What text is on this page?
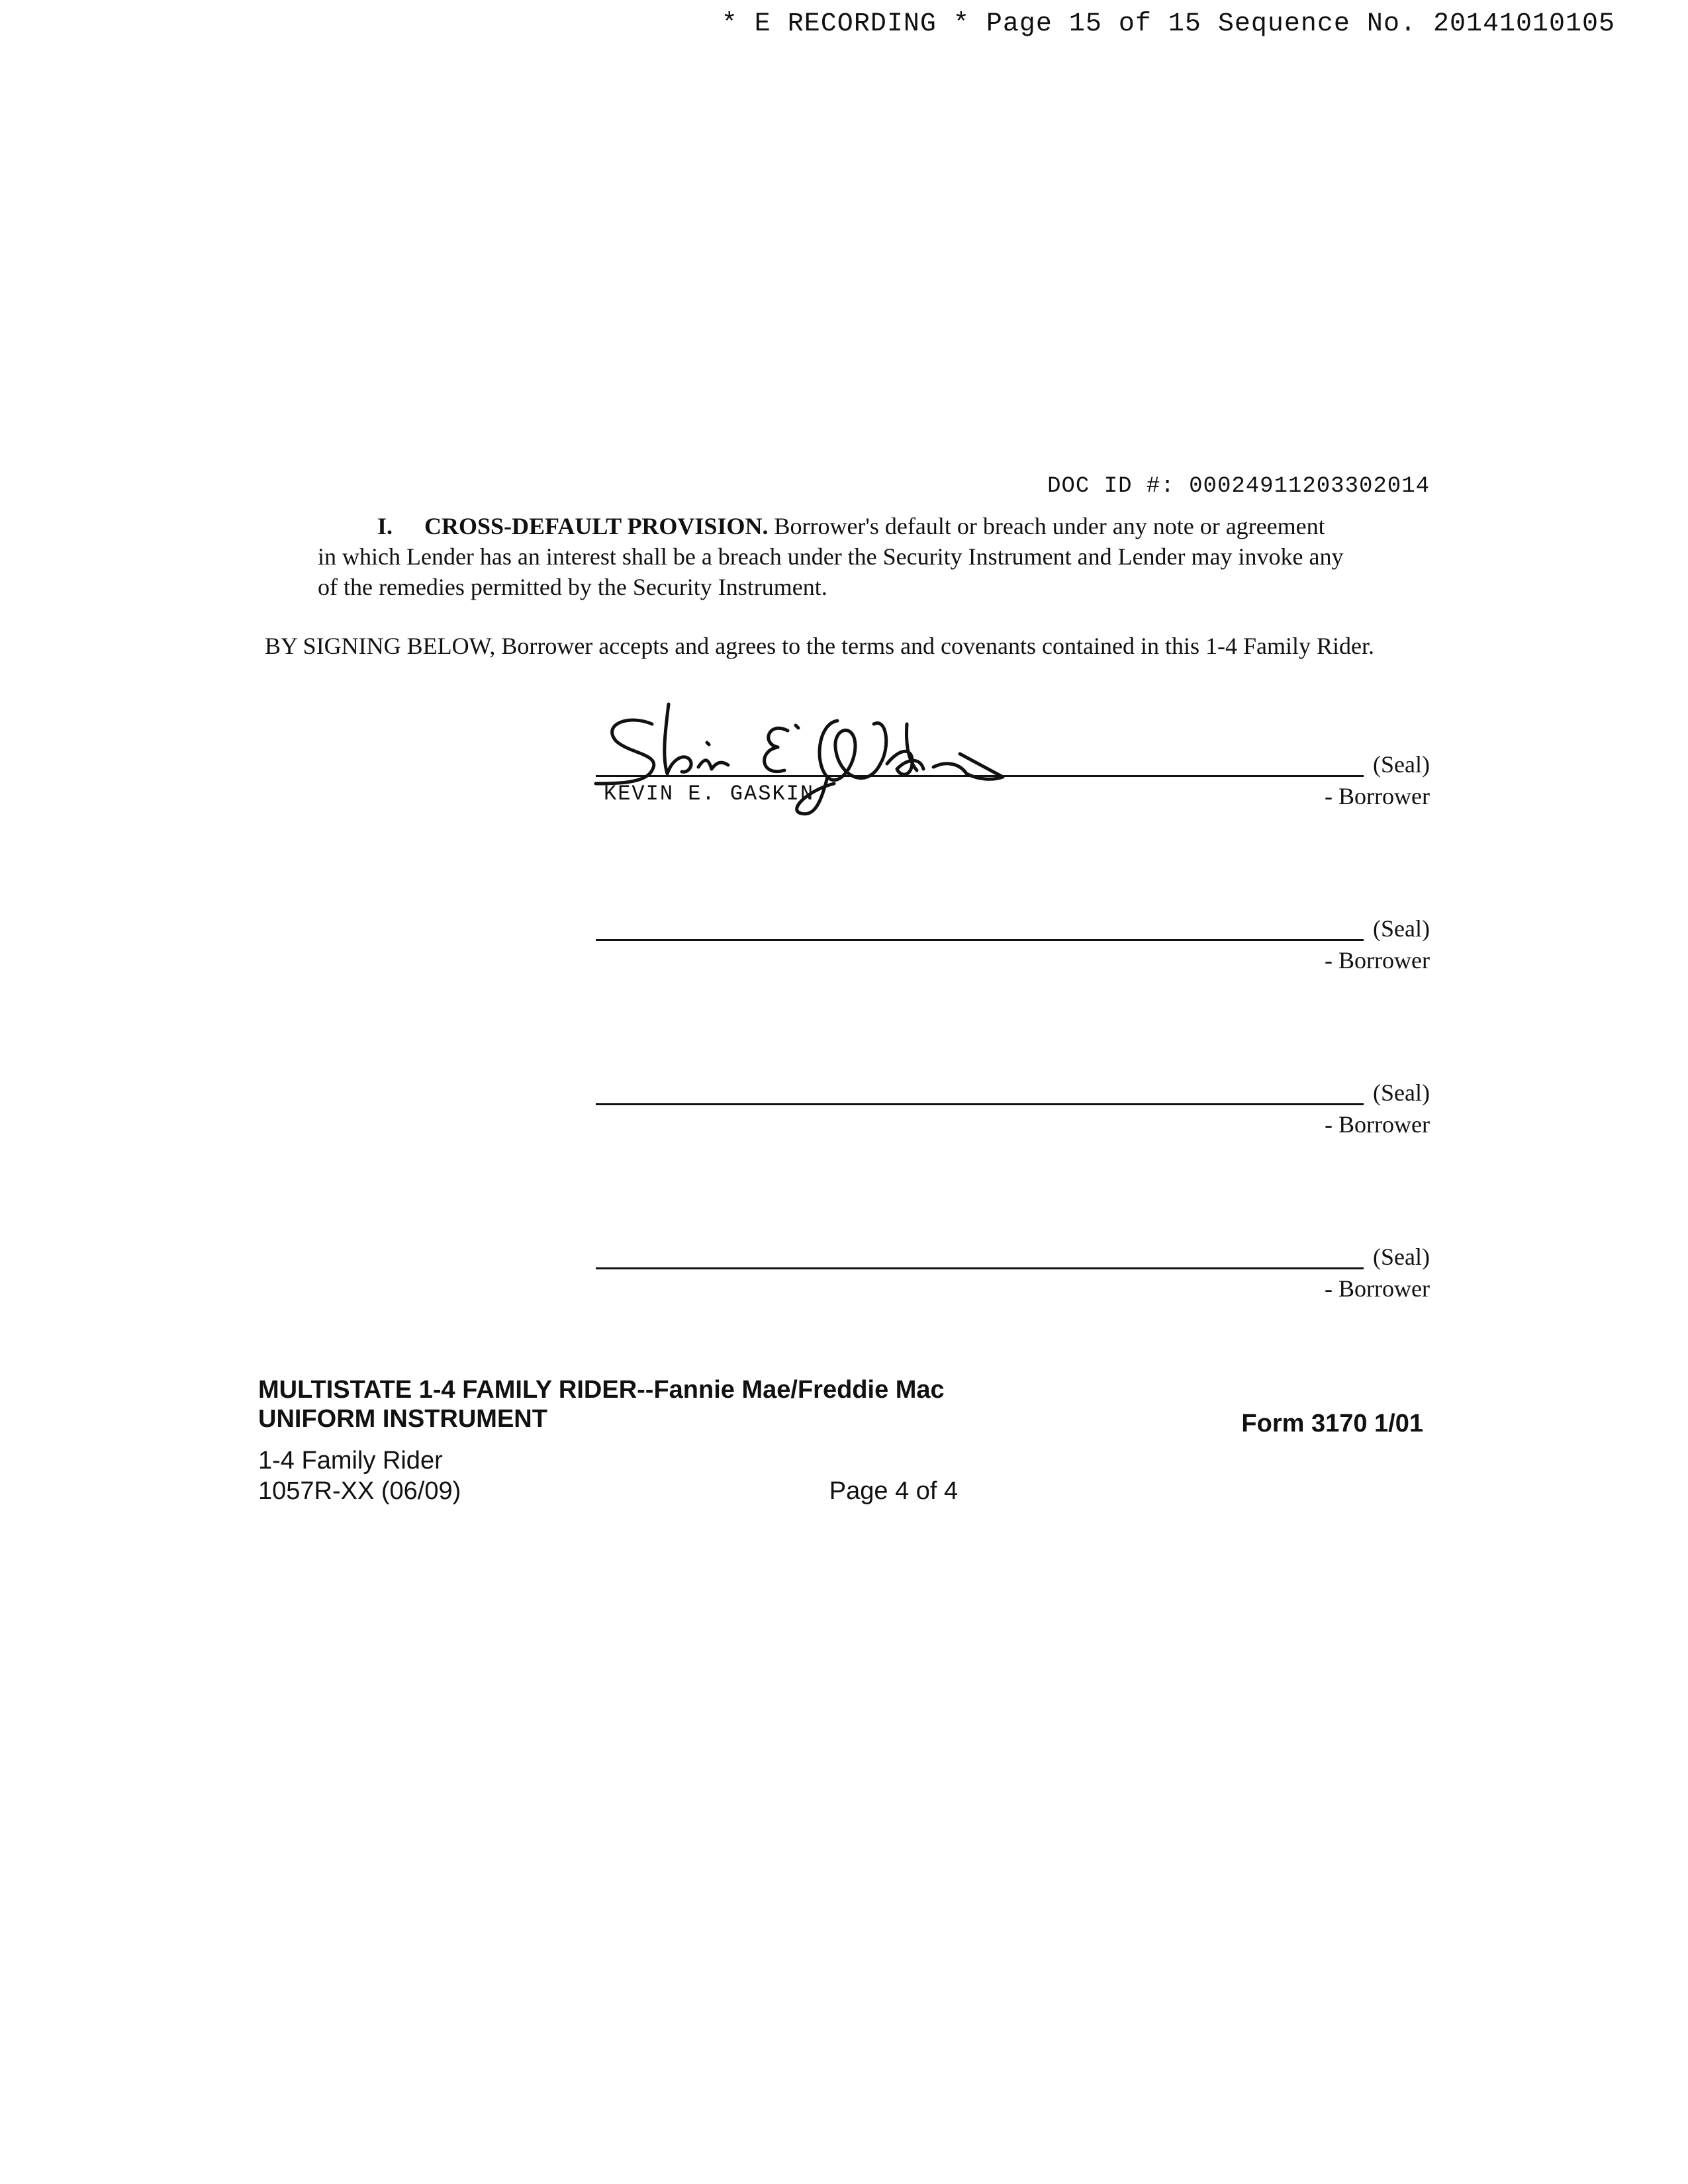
* E RECORDING * Page 15 of 15 Sequence No. 20141010105
DOC ID #: 00024911203302014
I. CROSS-DEFAULT PROVISION. Borrower's default or breach under any note or agreement
in which Lender has an interest shall be a breach under the Security Instrument and Lender may invoke any
of the remedies permitted by the Security Instrument.
BY SIGNING BELOW, Borrower accepts and agrees to the terms and covenants contained in this 1-4 Family Rider.
(Seal)
KEVIN E. GASKIN	- Borrower
(Seal)
- Borrower
(Seal)
- Borrower
(Seal)
- Borrower
MULTISTATE 1-4 FAMILY RIDER--Fannie Mae/Freddie Mac
UNIFORM INSTRUMENT	Form 3170 1/01
1-4 Family Rider
1057R-XX (06/09)	Page 4 of 4
